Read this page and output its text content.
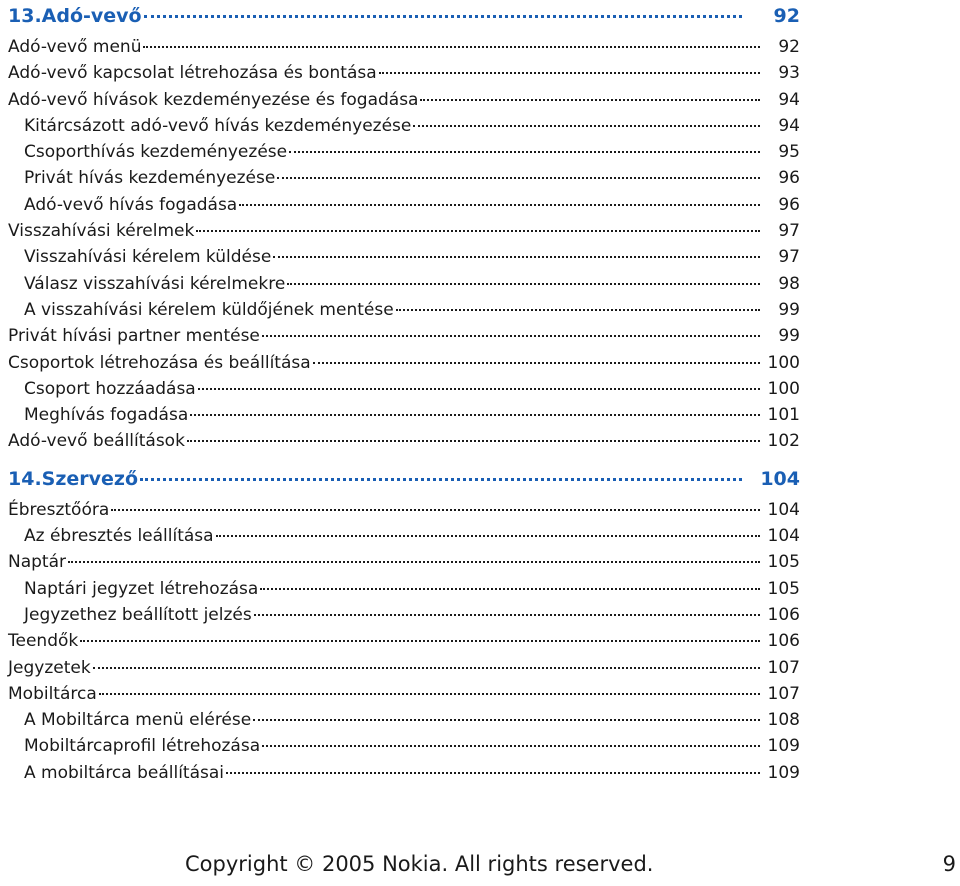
13.Adó-vevő	92
Adó-vevő menü	92
Adó-vevő kapcsolat létrehozása és bontása	93
Adó-vevő hívások kezdeményezése és fogadása	94
Kitárcsázott adó-vevő hívás kezdeményezése	94
Csoporthívás kezdeményezése	95
Privát hívás kezdeményezése	96
Adó-vevő hívás fogadása	96
Visszahívási kérelmek	97
Visszahívási kérelem küldése	97
Válasz visszahívási kérelmekre	98
A visszahívási kérelem küldőjének mentése	99
Privát hívási partner mentése	99
Csoportok létrehozása és beállítása	100
Csoport hozzáadása	100
Meghívás fogadása	101
Adó-vevő beállítások	102
14.Szervező	104
Ébresztőóra	104
Az ébresztés leállítása	104
Naptár	105
Naptári jegyzet létrehozása	105
Jegyzethez beállított jelzés	106
Teendők	106
Jegyzetek	107
Mobiltárca	107
A Mobiltárca menü elérése	108
Mobiltárcaprofil létrehozása	109
A mobiltárca beállításai	109
Copyright © 2005 Nokia. All rights reserved.	9
